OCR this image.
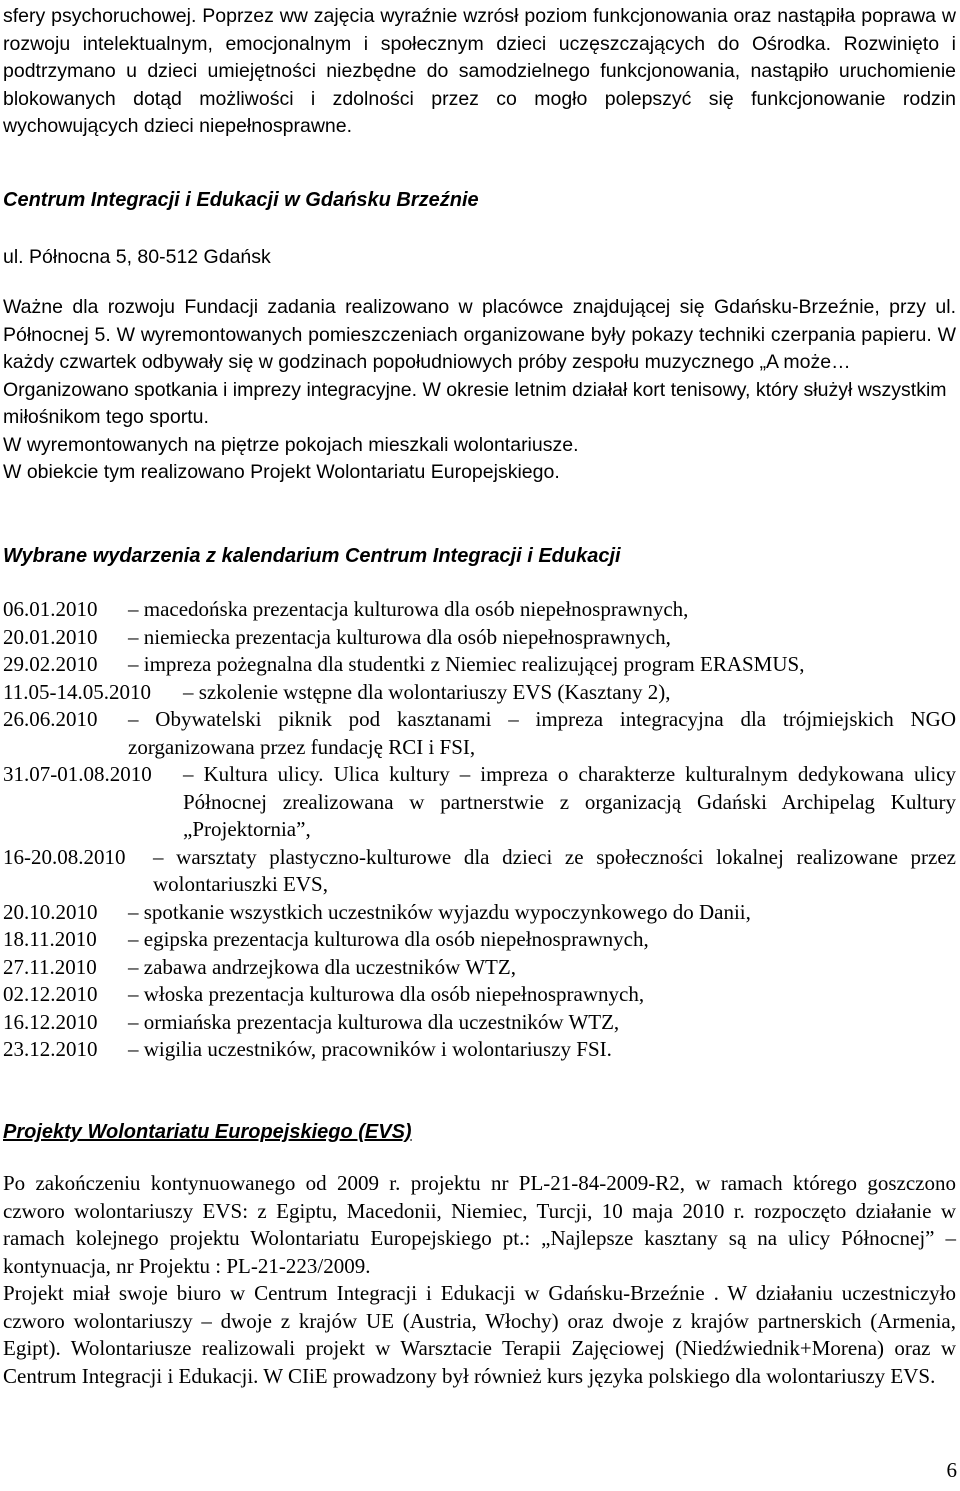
sfery psychoruchowej. Poprzez ww zajęcia wyraźnie wzrósł poziom funkcjonowania oraz nastąpiła poprawa w rozwoju intelektualnym, emocjonalnym i społecznym dzieci uczęszczających do Ośrodka. Rozwinięto i podtrzymano u dzieci umiejętności niezbędne do samodzielnego funkcjonowania, nastąpiło uruchomienie blokowanych dotąd możliwości i zdolności przez co mogło polepszyć się funkcjonowanie rodzin wychowujących dzieci niepełnosprawne.

Centrum Integracji i Edukacji w Gdańsku Brzeźnie

ul. Północna 5, 80-512 Gdańsk

Ważne dla rozwoju Fundacji zadania realizowano w placówce znajdującej się Gdańsku-Brzeźnie, przy ul. Północnej 5. W wyremontowanych pomieszczeniach organizowane były pokazy techniki czerpania papieru. W każdy czwartek odbywały się w godzinach popołudniowych próby zespołu muzycznego „A może…

Organizowano spotkania i imprezy integracyjne. W okresie letnim działał kort tenisowy, który służył wszystkim miłośnikom tego sportu.

W wyremontowanych na piętrze pokojach mieszkali wolontariusze.

W obiekcie tym realizowano Projekt Wolontariatu Europejskiego.

Wybrane wydarzenia z kalendarium Centrum Integracji i Edukacji

06.01.2010	– macedońska prezentacja kulturowa dla osób niepełnosprawnych,
20.01.2010	– niemiecka prezentacja kulturowa dla osób niepełnosprawnych,
29.02.2010	– impreza pożegnalna dla studentki z Niemiec realizującej program ERASMUS,
11.05-14.05.2010	– szkolenie wstępne dla wolontariuszy EVS (Kasztany 2),
26.06.2010	– Obywatelski piknik pod kasztanami – impreza integracyjna dla trójmiejskich NGO zorganizowana przez fundację RCI i FSI,
31.07-01.08.2010	– Kultura ulicy. Ulica kultury – impreza o charakterze kulturalnym dedykowana ulicy Północnej zrealizowana w partnerstwie z organizacją Gdański Archipelag Kultury „Projektornia”,
16-20.08.2010	– warsztaty plastyczno-kulturowe dla dzieci ze społeczności lokalnej realizowane przez wolontariuszki EVS,
20.10.2010	– spotkanie wszystkich uczestników wyjazdu wypoczynkowego do Danii,
18.11.2010	– egipska prezentacja kulturowa dla osób niepełnosprawnych,
27.11.2010	– zabawa andrzejkowa dla uczestników WTZ,
02.12.2010	– włoska prezentacja kulturowa dla osób niepełnosprawnych,
16.12.2010	– ormiańska prezentacja kulturowa dla uczestników WTZ,
23.12.2010	– wigilia uczestników, pracowników i wolontariuszy FSI.

Projekty Wolontariatu Europejskiego (EVS)

Po zakończeniu kontynuowanego od 2009 r. projektu nr PL-21-84-2009-R2, w ramach którego goszczono czworo wolontariuszy EVS: z Egiptu, Macedonii, Niemiec, Turcji, 10 maja 2010 r. rozpoczęto działanie w ramach kolejnego projektu Wolontariatu Europejskiego pt.: „Najlepsze kasztany są na ulicy Północnej” – kontynuacja, nr Projektu : PL-21-223/2009.

Projekt miał swoje biuro w Centrum Integracji i Edukacji w Gdańsku-Brzeźnie . W działaniu uczestniczyło czworo wolontariuszy – dwoje z krajów UE (Austria, Włochy) oraz dwoje z krajów partnerskich (Armenia, Egipt). Wolontariusze realizowali projekt w Warsztacie Terapii Zajęciowej (Niedźwiednik+Morena) oraz w Centrum Integracji i Edukacji. W CIiE prowadzony był również kurs języka polskiego dla wolontariuszy EVS.

6
